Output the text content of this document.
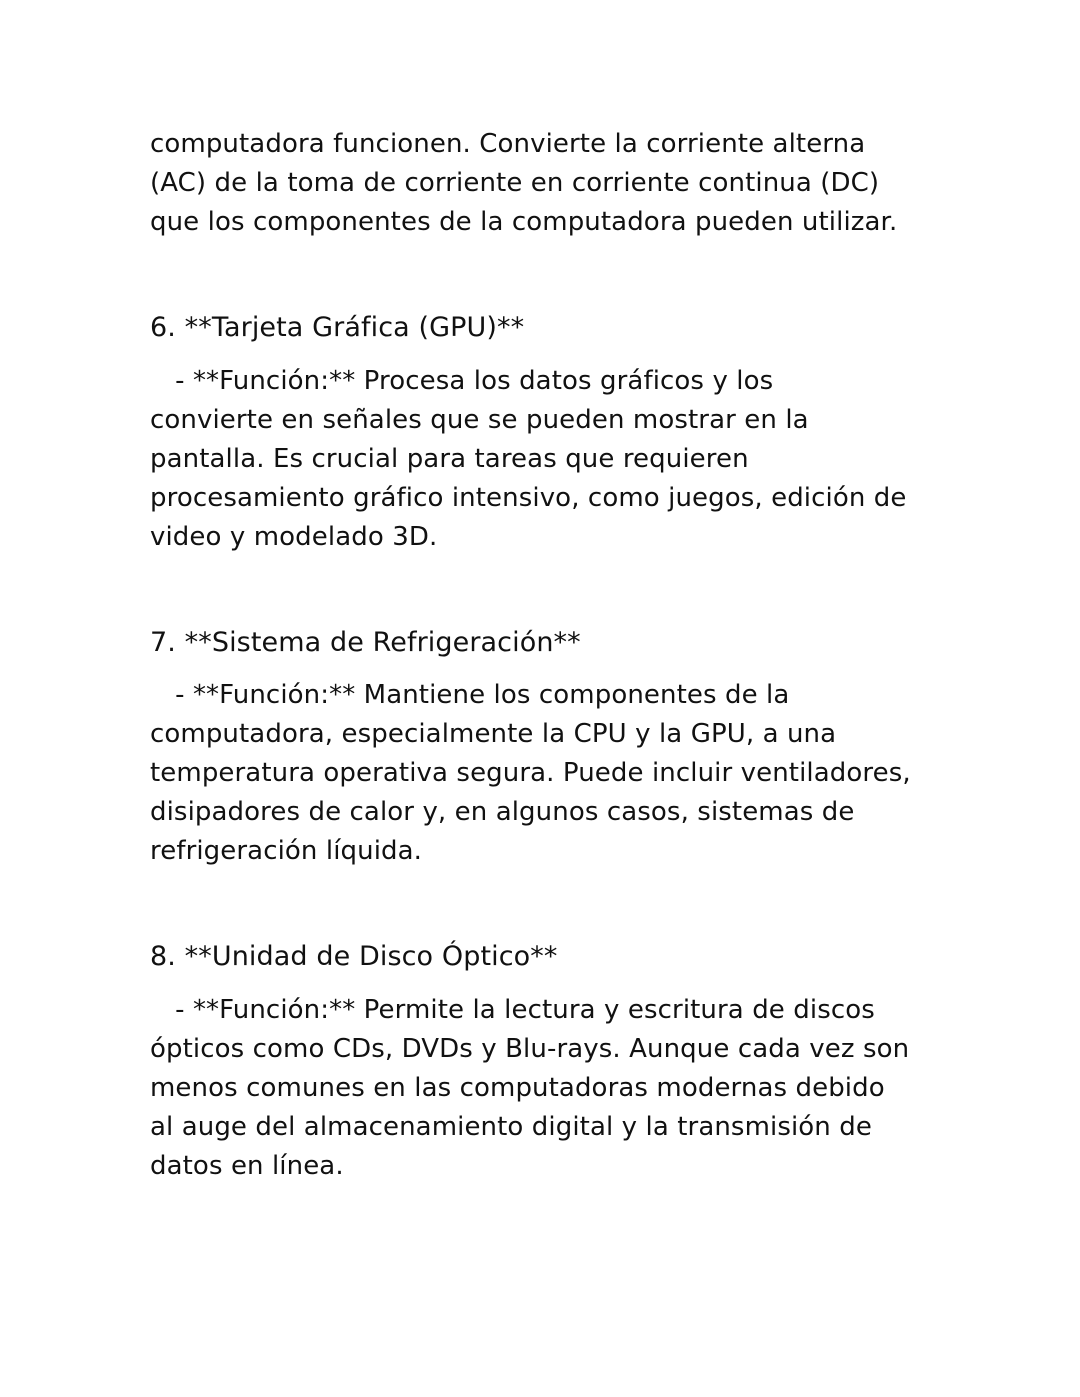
computadora funcionen. Convierte la corriente alterna
(AC) de la toma de corriente en corriente continua (DC)
que los componentes de la computadora pueden utilizar.
6. **Tarjeta Gráfica (GPU)**
- **Función:** Procesa los datos gráficos y los
convierte en señales que se pueden mostrar en la
pantalla. Es crucial para tareas que requieren
procesamiento gráfico intensivo, como juegos, edición de
video y modelado 3D.
7. **Sistema de Refrigeración**
- **Función:** Mantiene los componentes de la
computadora, especialmente la CPU y la GPU, a una
temperatura operativa segura. Puede incluir ventiladores,
disipadores de calor y, en algunos casos, sistemas de
refrigeración líquida.
8. **Unidad de Disco Óptico**
- **Función:** Permite la lectura y escritura de discos
ópticos como CDs, DVDs y Blu-rays. Aunque cada vez son
menos comunes en las computadoras modernas debido
al auge del almacenamiento digital y la transmisión de
datos en línea.
